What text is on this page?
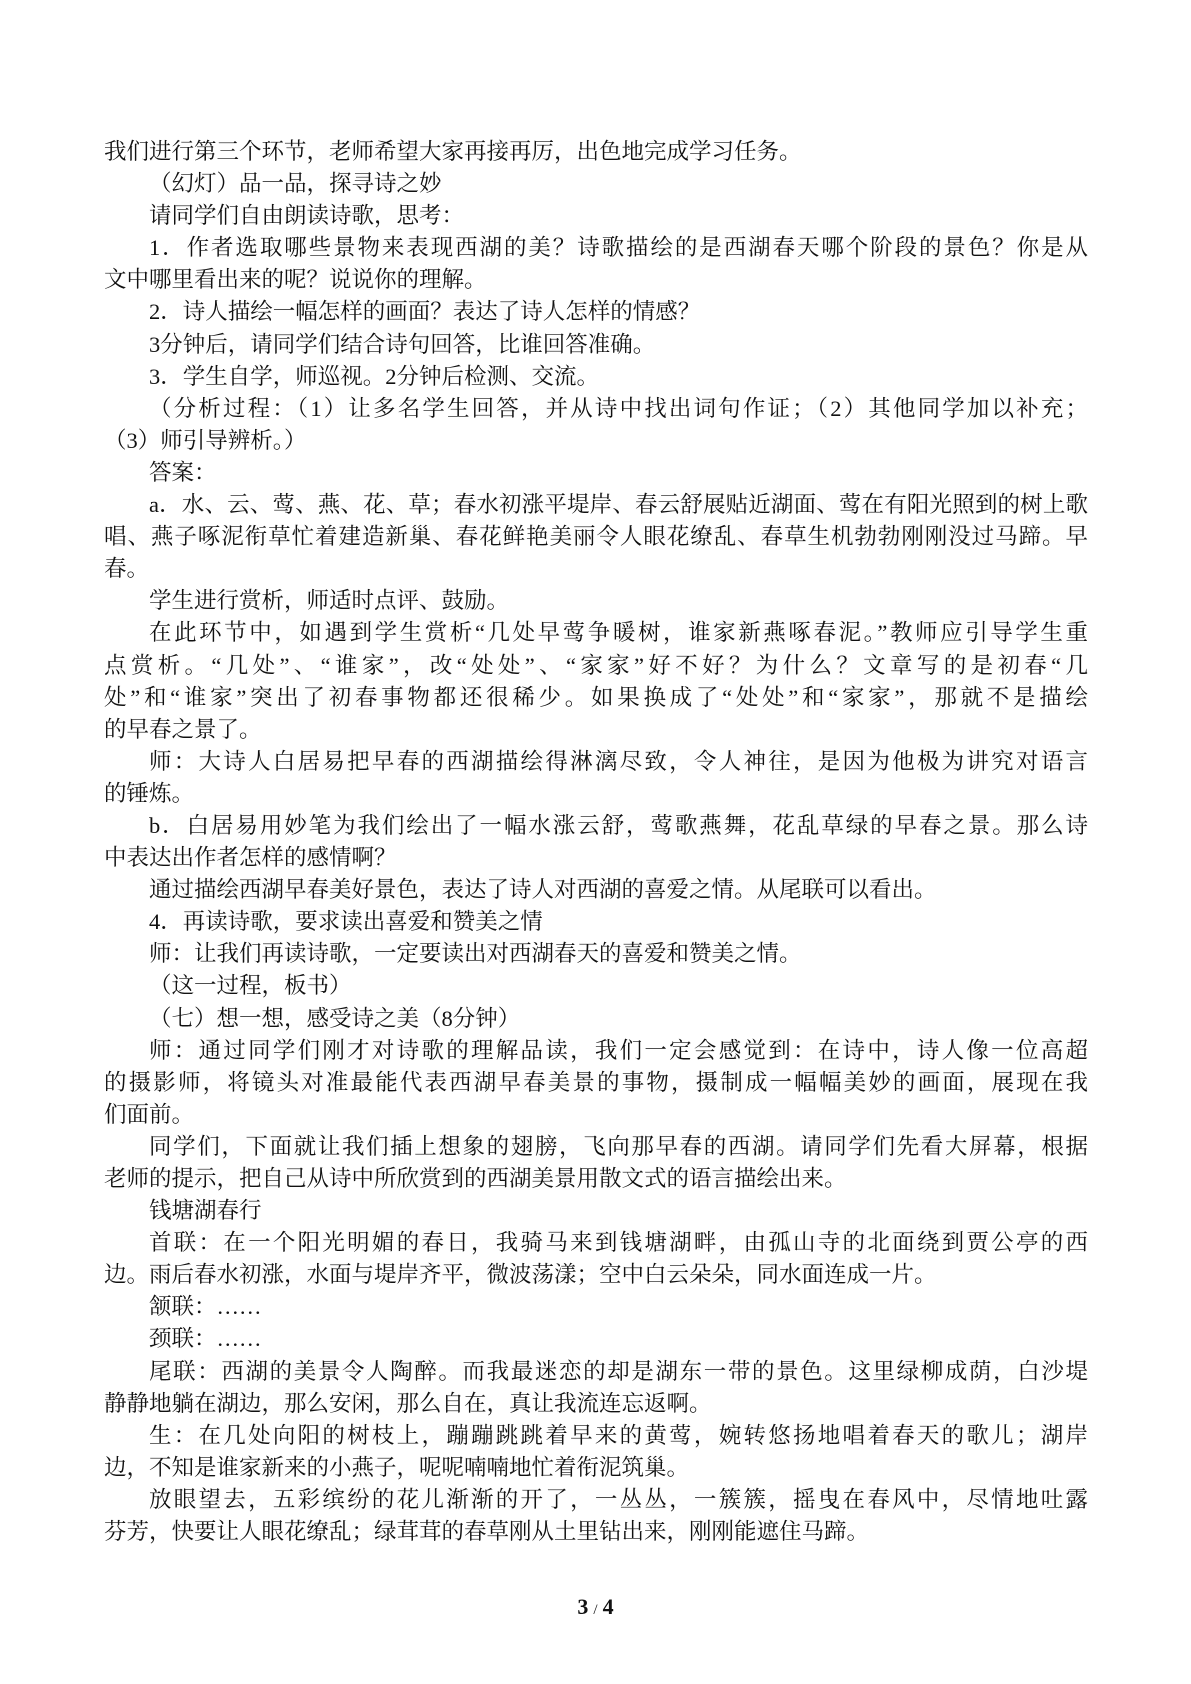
我们进行第三个环节，老师希望大家再接再厉，出色地完成学习任务。
（幻灯）品一品，探寻诗之妙
请同学们自由朗读诗歌，思考：
1．作者选取哪些景物来表现西湖的美？诗歌描绘的是西湖春天哪个阶段的景色？你是从
文中哪里看出来的呢？说说你的理解。
2．诗人描绘一幅怎样的画面？表达了诗人怎样的情感？
3分钟后，请同学们结合诗句回答，比谁回答准确。
3．学生自学，师巡视。2分钟后检测、交流。
（分析过程：（1）让多名学生回答，并从诗中找出词句作证；（2）其他同学加以补充；
（3）师引导辨析。）
答案：
a．水、云、莺、燕、花、草；春水初涨平堤岸、春云舒展贴近湖面、莺在有阳光照到的树上歌
唱、燕子啄泥衔草忙着建造新巢、春花鲜艳美丽令人眼花缭乱、春草生机勃勃刚刚没过马蹄。早
春。
学生进行赏析，师适时点评、鼓励。
在此环节中，如遇到学生赏析“几处早莺争暖树，谁家新燕啄春泥。”教师应引导学生重
点赏析。“几处”、“谁家”，改“处处”、“家家”好不好？为什么？文章写的是初春“几
处”和“谁家”突出了初春事物都还很稀少。如果换成了“处处”和“家家”，那就不是描绘
的早春之景了。
师：大诗人白居易把早春的西湖描绘得淋漓尽致，令人神往，是因为他极为讲究对语言
的锤炼。
b．白居易用妙笔为我们绘出了一幅水涨云舒，莺歌燕舞，花乱草绿的早春之景。那么诗
中表达出作者怎样的感情啊？
通过描绘西湖早春美好景色，表达了诗人对西湖的喜爱之情。从尾联可以看出。
4．再读诗歌，要求读出喜爱和赞美之情
师：让我们再读诗歌，一定要读出对西湖春天的喜爱和赞美之情。
（这一过程，板书）
（七）想一想，感受诗之美（8分钟）
师：通过同学们刚才对诗歌的理解品读，我们一定会感觉到：在诗中，诗人像一位高超
的摄影师，将镜头对准最能代表西湖早春美景的事物，摄制成一幅幅美妙的画面，展现在我
们面前。
同学们，下面就让我们插上想象的翅膀，飞向那早春的西湖。请同学们先看大屏幕，根据
老师的提示，把自己从诗中所欣赏到的西湖美景用散文式的语言描绘出来。
钱塘湖春行
首联：在一个阳光明媚的春日，我骑马来到钱塘湖畔，由孤山寺的北面绕到贾公亭的西
边。雨后春水初涨，水面与堤岸齐平，微波荡漾；空中白云朵朵，同水面连成一片。
颔联：……
颈联：……
尾联：西湖的美景令人陶醉。而我最迷恋的却是湖东一带的景色。这里绿柳成荫，白沙堤
静静地躺在湖边，那么安闲，那么自在，真让我流连忘返啊。
生：在几处向阳的树枝上，蹦蹦跳跳着早来的黄莺，婉转悠扬地唱着春天的歌儿；湖岸
边，不知是谁家新来的小燕子，呢呢喃喃地忙着衔泥筑巢。
放眼望去，五彩缤纷的花儿渐渐的开了，一丛丛，一簇簇，摇曳在春风中，尽情地吐露
芬芳，快要让人眼花缭乱；绿茸茸的春草刚从土里钻出来，刚刚能遮住马蹄。
3 / 4
